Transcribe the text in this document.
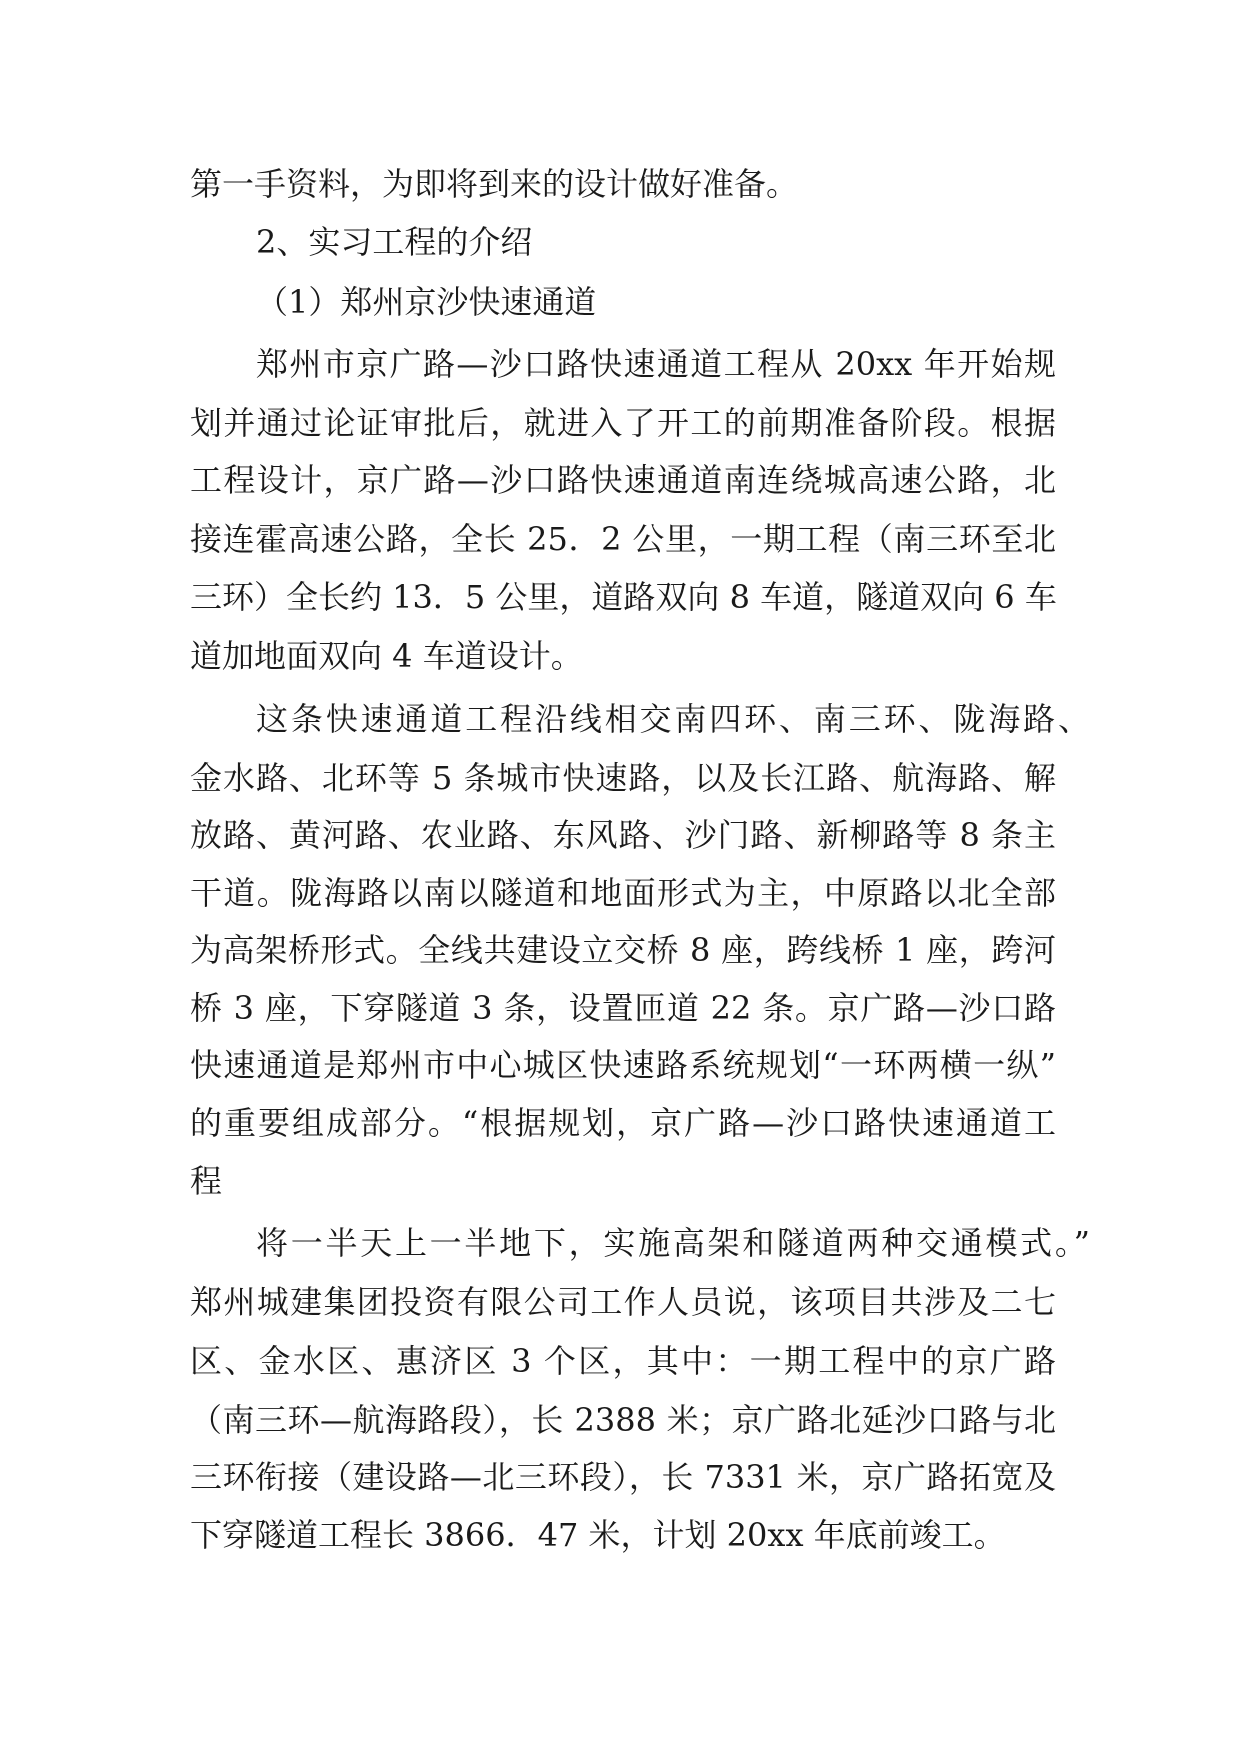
第一手资料，为即将到来的设计做好准备。
2、实习工程的介绍
（1）郑州京沙快速通道
郑州市京广路—沙口路快速通道工程从 20xx 年开始规
划并通过论证审批后，就进入了开工的前期准备阶段。根据
工程设计，京广路—沙口路快速通道南连绕城高速公路，北
接连霍高速公路，全长 25．2 公里，一期工程（南三环至北
三环）全长约 13．5 公里，道路双向 8 车道，隧道双向 6 车
道加地面双向 4 车道设计。
这条快速通道工程沿线相交南四环、南三环、陇海路、
金水路、北环等 5 条城市快速路，以及长江路、航海路、解
放路、黄河路、农业路、东风路、沙门路、新柳路等 8 条主
干道。陇海路以南以隧道和地面形式为主，中原路以北全部
为高架桥形式。全线共建设立交桥 8 座，跨线桥 1 座，跨河
桥 3 座，下穿隧道 3 条，设置匝道 22 条。京广路—沙口路
快速通道是郑州市中心城区快速路系统规划“一环两横一纵”
的重要组成部分。“根据规划，京广路—沙口路快速通道工
程
将一半天上一半地下，实施高架和隧道两种交通模式。”
郑州城建集团投资有限公司工作人员说，该项目共涉及二七
区、金水区、惠济区 3 个区，其中：一期工程中的京广路
（南三环—航海路段），长 2388 米；京广路北延沙口路与北
三环衔接（建设路—北三环段），长 7331 米，京广路拓宽及
下穿隧道工程长 3866．47 米，计划 20xx 年底前竣工。
